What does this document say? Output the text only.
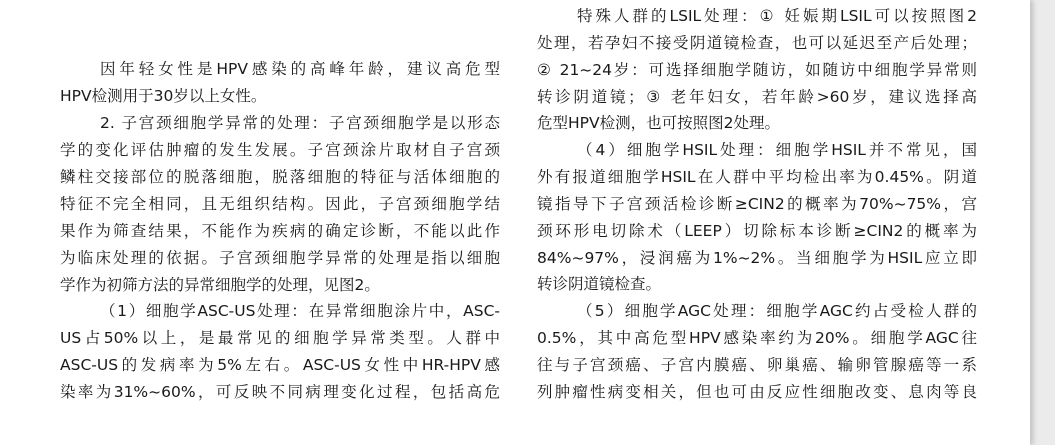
因年轻女性是HPV感染的高峰年龄，建议高危型
HPV检测用于30岁以上女性。
2. 子宫颈细胞学异常的处理：子宫颈细胞学是以形态
学的变化评估肿瘤的发生发展。子宫颈涂片取材自子宫颈
鳞柱交接部位的脱落细胞，脱落细胞的特征与活体细胞的
特征不完全相同，且无组织结构。因此，子宫颈细胞学结
果作为筛查结果，不能作为疾病的确定诊断，不能以此作
为临床处理的依据。子宫颈细胞学异常的处理是指以细胞
学作为初筛方法的异常细胞学的处理，见图2。
（1）细胞学ASC-US处理：在异常细胞涂片中，ASC-
US占50%以上，是最常见的细胞学异常类型。人群中
ASC-US的发病率为5%左右。ASC-US女性中HR-HPV感
染率为31%~60%，可反映不同病理变化过程，包括高危
特殊人群的LSIL处理：① 妊娠期LSIL可以按照图2
处理，若孕妇不接受阴道镜检查，也可以延迟至产后处理；
② 21~24岁：可选择细胞学随访，如随访中细胞学异常则
转诊阴道镜；③ 老年妇女，若年龄>60岁，建议选择高
危型HPV检测，也可按照图2处理。
（4）细胞学HSIL处理：细胞学HSIL并不常见，国
外有报道细胞学HSIL在人群中平均检出率为0.45%。阴道
镜指导下子宫颈活检诊断≥CIN2的概率为70%~75%，宫
颈环形电切除术（LEEP）切除标本诊断≥CIN2的概率为
84%~97%，浸润癌为1%~2%。当细胞学为HSIL应立即
转诊阴道镜检查。
（5）细胞学AGC处理：细胞学AGC约占受检人群的
0.5%，其中高危型HPV感染率约为20%。细胞学AGC往
往与子宫颈癌、子宫内膜癌、卵巢癌、输卵管腺癌等一系
列肿瘤性病变相关，但也可由反应性细胞改变、息肉等良
